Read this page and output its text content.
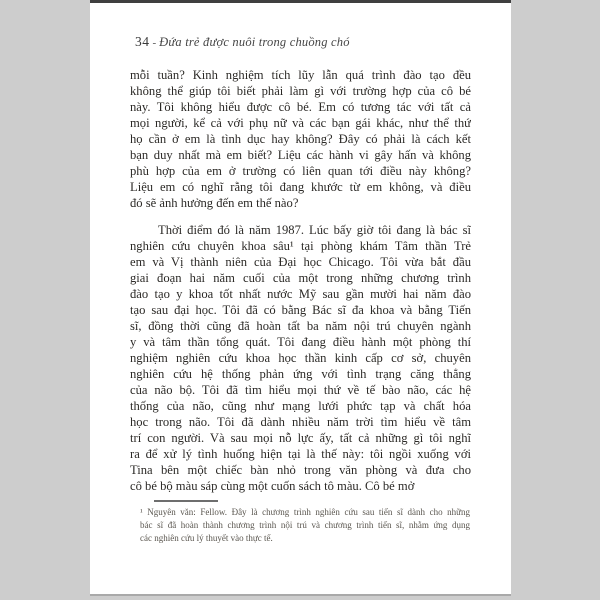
34 - Đứa trẻ được nuôi trong chuồng chó
mỗi tuần? Kinh nghiệm tích lũy lẫn quá trình đào tạo đều
không thể giúp tôi biết phải làm gì với trường hợp của cô bé
này. Tôi không hiểu được cô bé. Em có tương tác với tất cả
mọi người, kể cả với phụ nữ và các bạn gái khác, như thể thứ
họ cần ở em là tình dục hay không? Đây có phải là cách kết
bạn duy nhất mà em biết? Liệu các hành vi gây hấn và không
phù hợp của em ở trường có liên quan tới điều này không?
Liệu em có nghĩ rằng tôi đang khước từ em không, và điều
đó sẽ ảnh hưởng đến em thế nào?
Thời điểm đó là năm 1987. Lúc bấy giờ tôi đang là bác sĩ
nghiên cứu chuyên khoa sâu¹ tại phòng khám Tâm thần Trẻ
em và Vị thành niên của Đại học Chicago. Tôi vừa bắt đầu
giai đoạn hai năm cuối của một trong những chương trình
đào tạo y khoa tốt nhất nước Mỹ sau gần mười hai năm đào
tạo sau đại học. Tôi đã có bằng Bác sĩ đa khoa và bằng Tiến
sĩ, đồng thời cũng đã hoàn tất ba năm nội trú chuyên ngành
y và tâm thần tổng quát. Tôi đang điều hành một phòng thí
nghiệm nghiên cứu khoa học thần kinh cấp cơ sở, chuyên
nghiên cứu hệ thống phản ứng với tình trạng căng thẳng
của não bộ. Tôi đã tìm hiểu mọi thứ về tế bào não, các hệ
thống của não, cũng như mạng lưới phức tạp và chất hóa
học trong não. Tôi đã dành nhiều năm trời tìm hiểu về tâm
trí con người. Và sau mọi nỗ lực ấy, tất cả những gì tôi nghĩ
ra để xử lý tình huống hiện tại là thế này: tôi ngồi xuống với
Tina bên một chiếc bàn nhỏ trong văn phòng và đưa cho
cô bé bộ màu sáp cùng một cuốn sách tô màu. Cô bé mở
¹ Nguyên văn: Fellow. Đây là chương trình nghiên cứu sau tiến sĩ dành cho những
bác sĩ đã hoàn thành chương trình nội trú và chương trình tiến sĩ, nhằm ứng dụng
các nghiên cứu lý thuyết vào thực tế.
